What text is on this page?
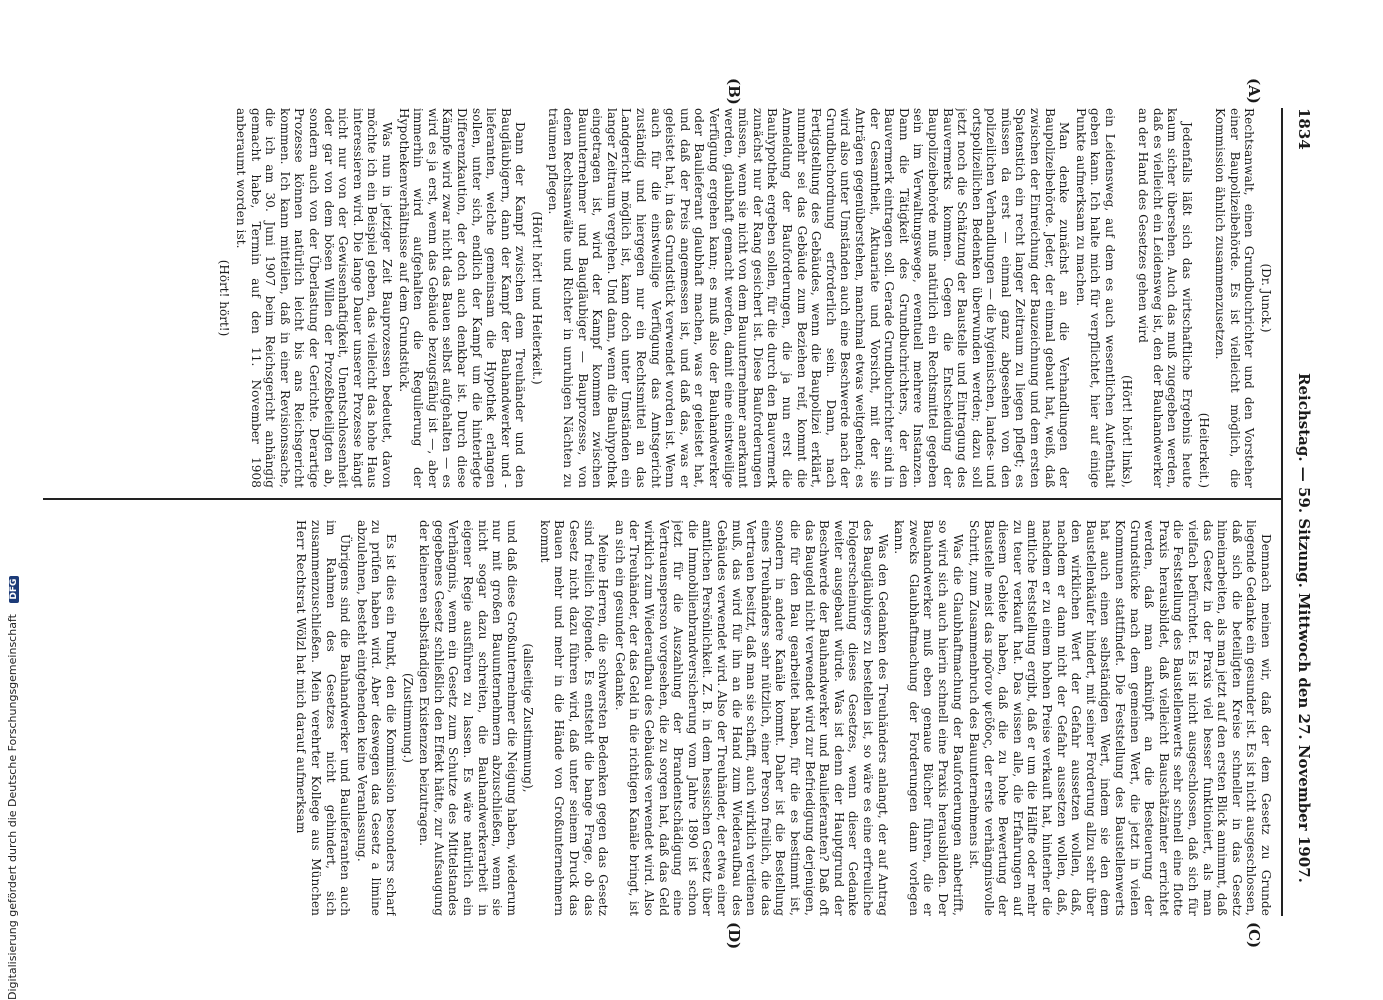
1834
Reichstag. — 59. Sitzung. Mittwoch den 27. November 1907.
(A)
(B)
(C)
(D)
(Dr. Junck.)

Rechtsanwalt, einen Grundbuchrichter und den Vorsteher einer Baupolizeibehörde. Es ist vielleicht möglich, die Kommission ähnlich zusammenzusetzen.

(Heiterkeit.)

Jedenfalls läßt sich das wirtschaftliche Ergebnis heute kaum sicher übersehen. Auch das muß zugegeben werden, daß es vielleicht ein Leidensweg ist, den der Bauhandwerker an der Hand des Gesetzes gehen wird

(Hört! hört! links),

ein Leidensweg, auf dem es auch wesentlichen Aufenthalt geben kann. Ich halte mich für verpflichtet, hier auf einige Punkte aufmerksam zu machen.

Man denke zunächst an die Verhandlungen der Baupolizeibehörde. Jeder, der einmal gebaut hat, weiß, daß zwischen der Einreichung der Bauzeichnung und dem ersten Spatenstich ein recht langer Zeitraum zu liegen pflegt; es müssen da erst — einmal ganz abgesehen von den polizeilichen Verhandlungen — die hygienischen, landes- und ortspolizeilichen Bedenken überwunden werden; dazu soll jetzt noch die Schätzung der Baustelle und Eintragung des Bauvermerks kommen. Gegen die Entscheidung der Baupolizeibehörde muß natürlich ein Rechtsmittel gegeben sein im Verwaltungswege, eventuell mehrere Instanzen. Dann die Tätigkeit des Grundbuchrichters, der den Bauvermerk eintragen soll. Gerade Grundbuchrichter sind in der Gesamtheit, Aktuariate und Vorsicht, mit der sie Anträgen gegenüberstehen, manchmal etwas weitgehend; es wird also unter Umständen auch eine Beschwerde nach der Grundbuchordnung erforderlich sein. Dann, nach Fertigstellung des Gebäudes, wenn die Baupolizei erklärt, nunmehr sei das Gebäude zum Beziehen reif, kommt die Anmeldung der Bauforderungen, die ja nun erst die Bauhypothek ergeben sollen, für die durch den Bauvermerk zunächst nur der Rang gesichert ist. Diese Bauforderungen müssen, wenn sie nicht von dem Bauunternehmer anerkannt werden, glaubhaft gemacht werden, damit eine einstweilige Verfügung ergehen kann; es muß also der Bauhandwerker oder Baulieferant glaubhaft machen, was er geleistet hat, und daß der Preis angemessen ist, und daß das, was er geleistet hat, in das Grundstück verwendet worden ist. Wenn auch für die einstweilige Verfügung das Amtsgericht zuständig und hiergegen nur ein Rechtsmittel an das Landgericht möglich ist, kann doch unter Umständen ein langer Zeitraum vergehen. Und dann, wenn die Bauhypothek eingetragen ist, wird der Kampf kommen zwischen Bauunternehmer und Baugläubiger — Bauprozesse, von denen Rechtsanwälte und Richter in unruhigen Nächten zu träumen pflegen.

(Hört! hört! und Heiterkeit.)

Dann der Kampf zwischen dem Treuhänder und den Baugläubigern, dann der Kampf der Bauhandwerker und -lieferanten, welche gemeinsam die Hypothek erlangen sollen, unter sich, endlich der Kampf um die hinterlegte Differenzkaution, der doch auch denkbar ist. Durch diese Kämpfe wird zwar nicht das Bauen selbst aufgehalten — es wird es ja erst, wenn das Gebäude bezugsfähig ist —, aber immerhin wird aufgehalten die Regulierung der Hypothekenverhältnisse auf dem Grundstück.

Was nun in jetziger Zeit Bauprozessen bedeutet, davon möchte ich ein Beispiel geben, das vielleicht das hohe Haus interessieren wird. Die lange Dauer unserer Prozesse hängt nicht nur von der Gewissenhaftigkeit, Unentschlossenheit oder gar von dem bösen Willen der Prozeßbeteiligten ab, sondern auch von der Überlastung der Gerichte. Derartige Prozesse können natürlich leicht bis ans Reichsgericht kommen. Ich kann mitteilen, daß in einer Revisionssache, die ich am 30. Juni 1907 beim Reichsgericht anhängig gemacht habe, Termin auf den 11. November 1908 anberaumt worden ist.

(Hört! hört!)

Demnach meinen wir, daß der dem Gesetz zu Grunde liegende Gedanke ein gesunder ist. Es ist nicht ausgeschlossen, daß sich die beteiligten Kreise schneller in das Gesetz hineinarbeiten, als man jetzt auf den ersten Blick annimmt, daß das Gesetz in der Praxis viel besser funktioniert, als man vielfach befürchtet. Es ist nicht ausgeschlossen, daß sich für die Feststellung des Baustellenwerts sehr schnell eine flotte Praxis herausbildet, daß vielleicht Bauschätzämter errichtet werden, daß man anknüpft an die Besteuerung der Grundstücke nach dem gemeinen Wert, die jetzt in vielen Kommunen stattfindet. Die Feststellung des Baustellenwerts hat auch einen selbständigen Wert, indem sie den dem Baustellenkäufer hindert, mit seiner Forderung allzu sehr über den wirklichen Wert der Gefahr aussetzen wollen, daß, nachdem er dann nicht der Gefahr aussetzen wollen, daß, nachdem er zu einem hohen Preise verkauft hat, hinterher die amtliche Feststellung ergibt, daß er um die Hälfte oder mehr zu teuer verkauft hat. Das wissen alle, die Erfahrungen auf diesem Gebiete haben, daß die zu hohe Bewertung der Baustelle meist das πρῶτον ψεῦδος, der erste verhängnisvolle Schritt, zum Zusammenbruch des Bauunternehmens ist.

Was die Glaubhaftmachung der Bauforderungen anbetrifft, so wird sich auch hierin schnell eine Praxis herausbilden. Der Bauhandwerker muß eben genaue Bücher führen, die er zwecks Glaubhaftmachung der Forderungen dann vorlegen kann.

Was den Gedanken des Treuhänders anlangt, der auf Antrag des Baugläubigers zu bestellen ist, so wäre es eine erfreuliche Folgeerscheinung dieses Gesetzes, wenn dieser Gedanke weiter ausgebaut würde. Was ist denn der Hauptgrund der Beschwerde der Bauhandwerker und Baulieferanten? Daß oft das Baugeld nicht verwendet wird zur Befriedigung derjenigen, die für den Bau gearbeitet haben, für die es bestimmt ist, sondern in andere Kanäle kommt. Daher ist die Bestellung eines Treuhänders sehr nützlich, einer Person freilich, die das Vertrauen besitzt, daß man sie schafft, auch wirklich verdienen muß, das wird für ihn an die Hand zum Wiederaufbau des Gebäudes verwendet wird. Also der Treuhänder, der etwa einer amtlichen Persönlichkeit. Z. B. in dem hessischen Gesetz über die Immobilienbrandversicherung vom Jahre 1890 ist schon jetzt für die Auszahlung der Brandentschädigung eine Vertrauensperson vorgesehen, die zu sorgen hat, daß das Geld wirklich zum Wiederaufbau des Gebäudes verwendet wird. Also der Treuhänder, der das Geld in die richtigen Kanäle bringt, ist an sich ein gesunder Gedanke.

Meine Herren, die schwersten Bedenken gegen das Gesetz sind freilich folgende. Es entsteht die bange Frage, ob das Gesetz nicht dazu führen wird, daß unter seinem Druck das Bauen mehr und mehr in die Hände von Großunternehmern kommt

(allseitige Zustimmung),

und daß diese Großunternehmer die Neigung haben, wiederum nur mit großen Bauunternehmern abzuschließen, wenn sie nicht sogar dazu schreiten, die Bauhandwerkerarbeit in eigener Regie ausführen zu lassen. Es wäre natürlich ein Verhängnis, wenn ein Gesetz zum Schutze des Mittelstandes gegebenes Gesetz schließlich den Effekt hätte, zur Aufsaugung der kleineren selbständigen Existenzen beizutragen.

(Zustimmung.)

Es ist dies ein Punkt, den die Kommission besonders scharf zu prüfen haben wird. Aber deswegen das Gesetz a limine abzulehnen, besteht eintgehenden keine Veranlassung.

Übrigens sind die Bauhandwerker und Baulieferanten auch im Rahmen des Gesetzes nicht gehindert, sich zusammenzuschließen. Mein verehrter Kollege aus München Herr Rechtsrat Wölzl hat mich darauf aufmerksam

Digitalisierung gefördert durch die Deutsche Forschungsgemeinschaft DFG
